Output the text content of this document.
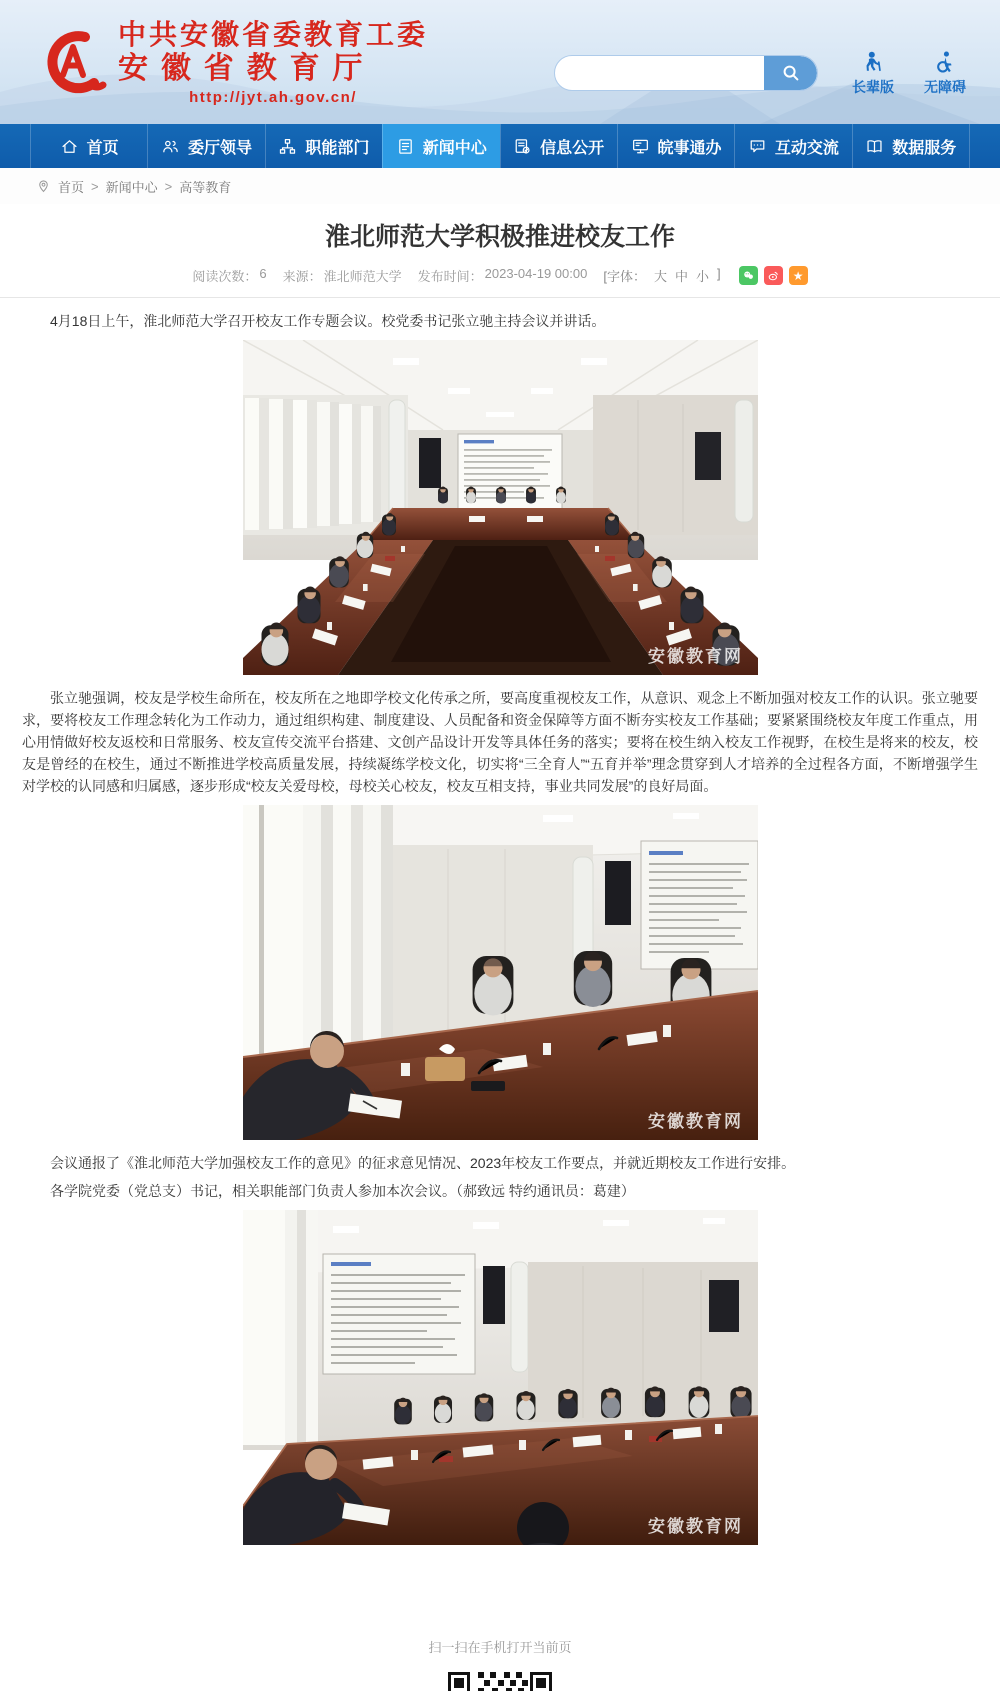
中共安徽省委教育工委
安徽省教育厅
http://jyt.ah.gov.cn/
长辈版 无障碍
首页	委厅领导	职能部门	新闻中心	信息公开	皖事通办	互动交流	数据服务
首页 > 新闻中心 > 高等教育
淮北师范大学积极推进校友工作
阅读次数： 6 来源： 淮北师范大学 发布时间： 2023-04-19 00:00 [字体： 大 中 小 ]	★

4月18日上午，淮北师范大学召开校友工作专题会议。校党委书记张立驰主持会议并讲话。

安徽教育网

张立驰强调，校友是学校生命所在，校友所在之地即学校文化传承之所，要高度重视校友工作，从意识、观念上不断加强对校友工作的认识。张立驰要求，要将校友工作理念转化为工作动力，通过组织构建、制度建设、人员配备和资金保障等方面不断夯实校友工作基础；要紧紧围绕校友年度工作重点，用心用情做好校友返校和日常服务、校友宣传交流平台搭建、文创产品设计开发等具体任务的落实；要将在校生纳入校友工作视野，在校生是将来的校友，校友是曾经的在校生，通过不断推进学校高质量发展，持续凝练学校文化，切实将“三全育人”“五育并举”理念贯穿到人才培养的全过程各方面，不断增强学生对学校的认同感和归属感，逐步形成“校友关爱母校，母校关心校友，校友互相支持，事业共同发展”的良好局面。

安徽教育网

会议通报了《淮北师范大学加强校友工作的意见》的征求意见情况、2023年校友工作要点，并就近期校友工作进行安排。

各学院党委（党总支）书记，相关职能部门负责人参加本次会议。（郝致远 特约通讯员：葛建）

安徽教育网
扫一扫在手机打开当前页
